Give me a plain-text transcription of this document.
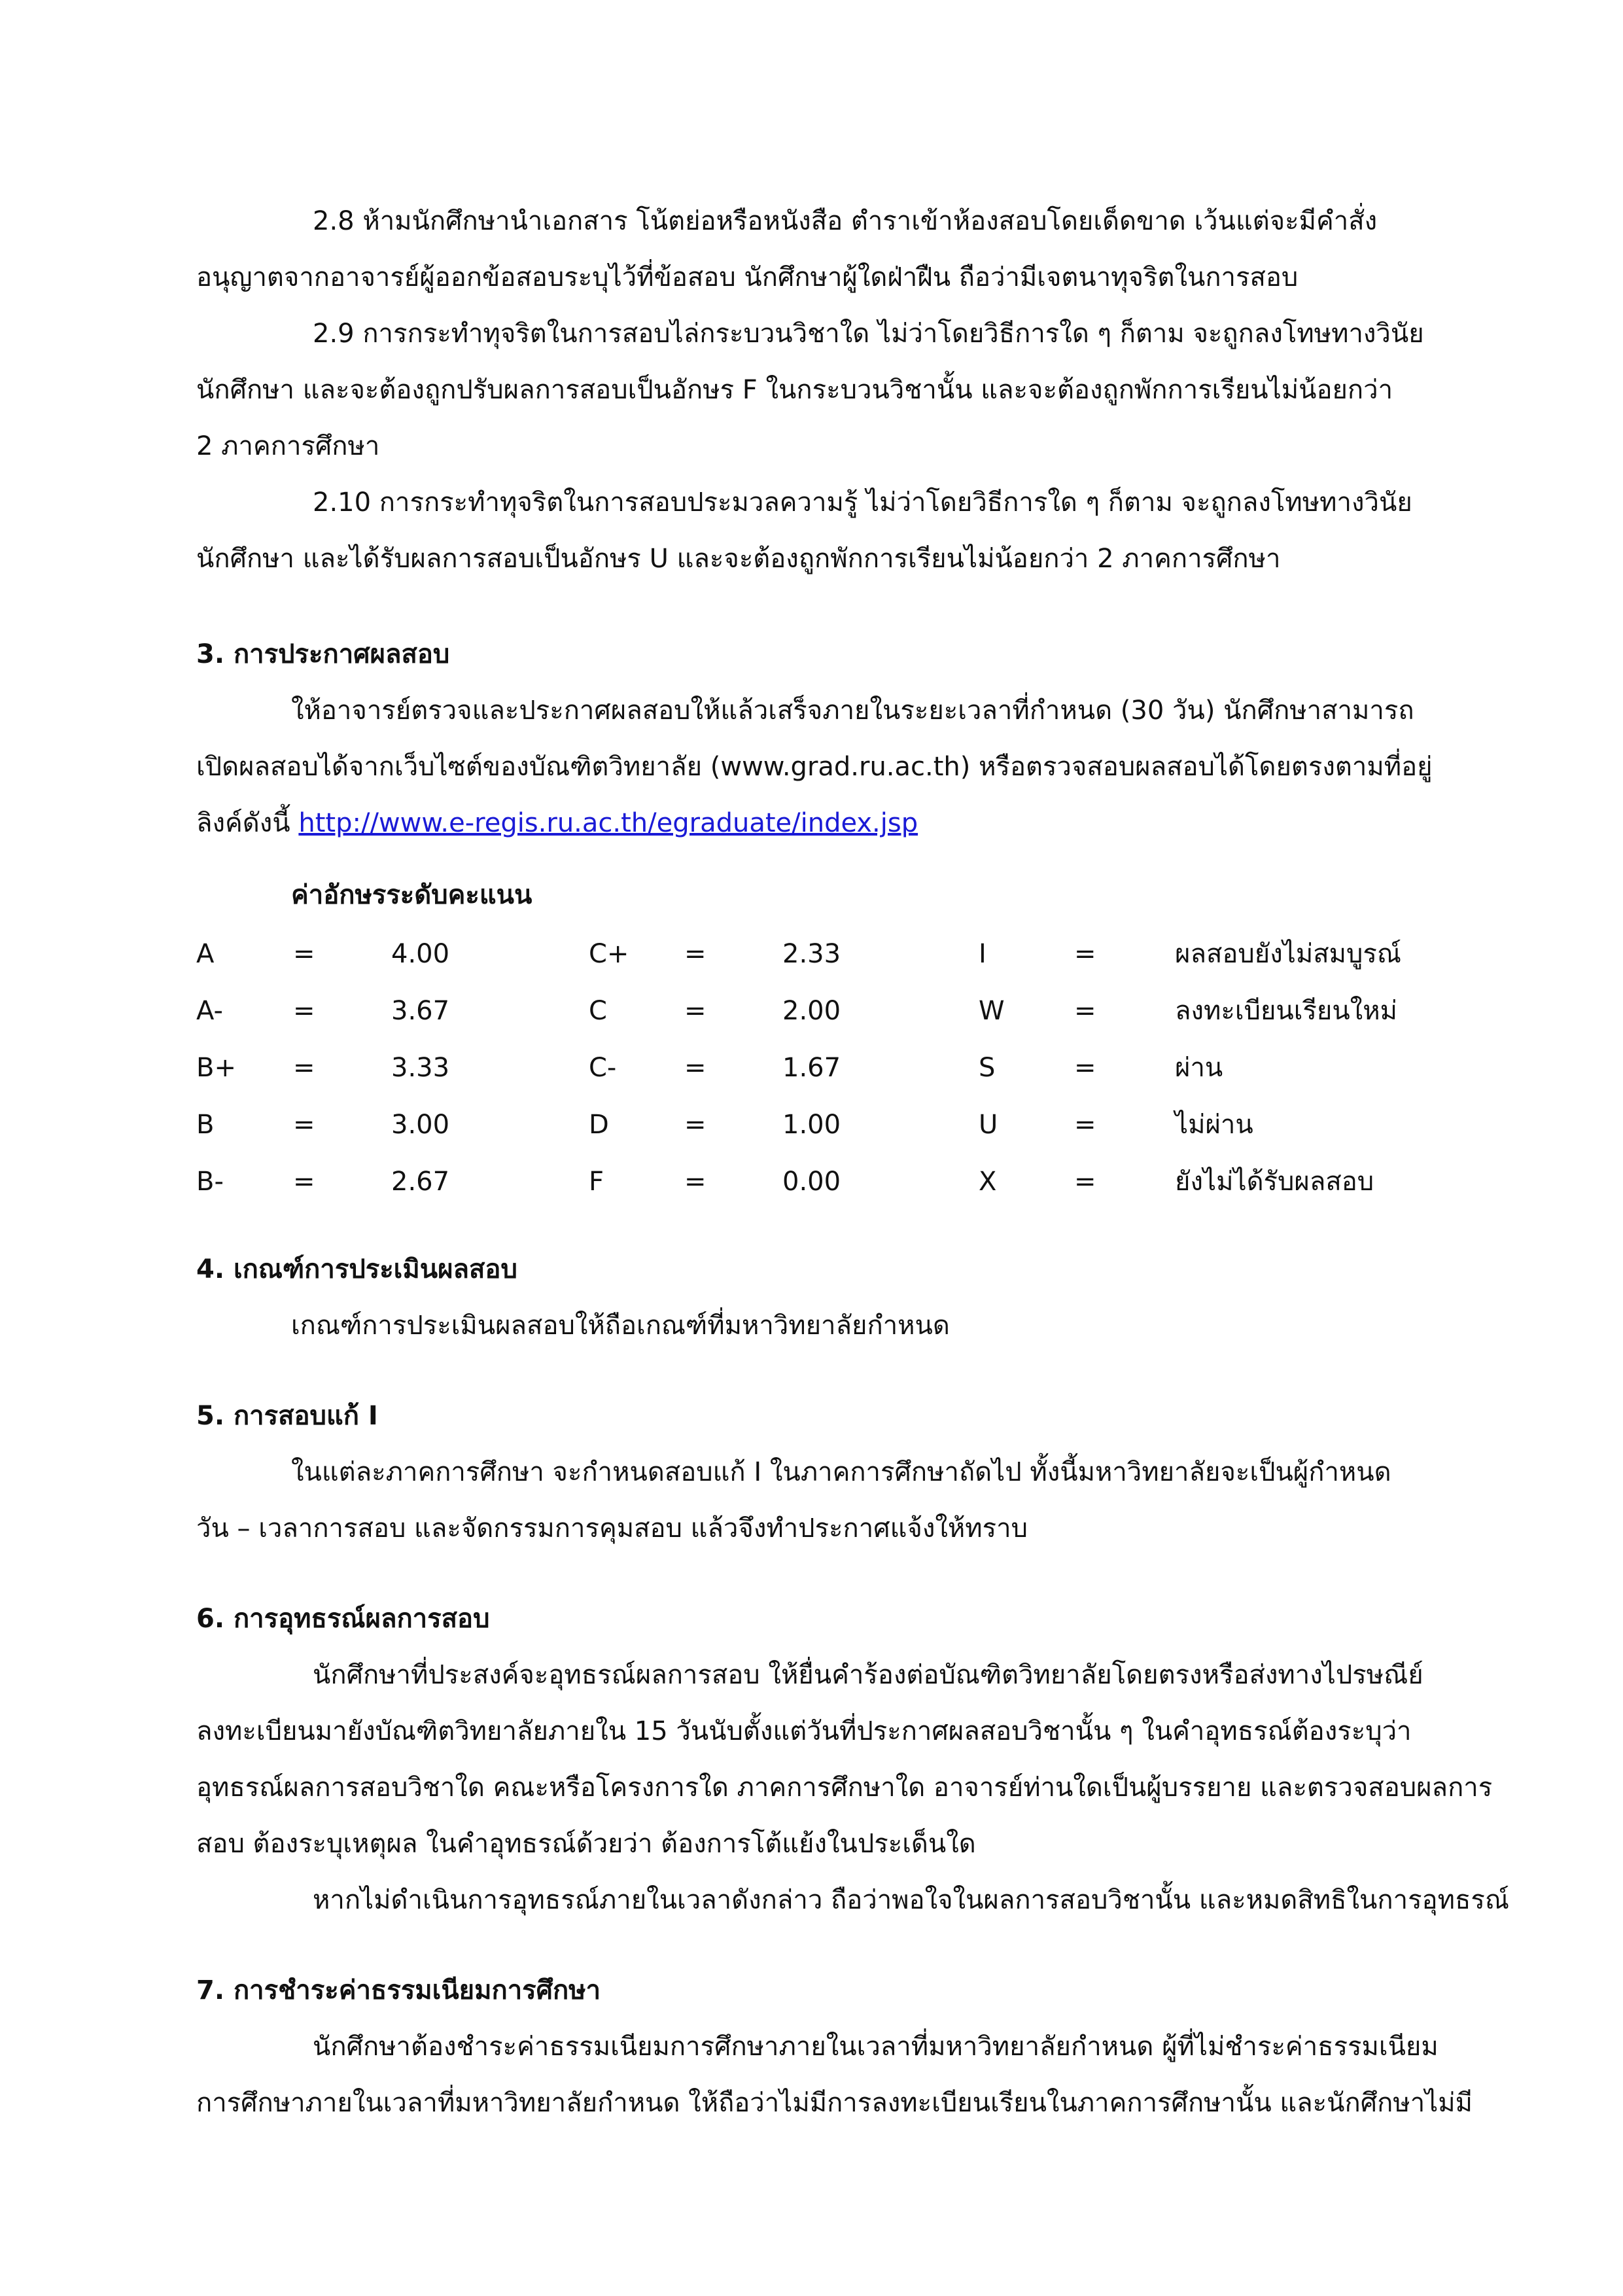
2.8 ห้ามนักศึกษานำเอกสาร โน้ตย่อหรือหนังสือ ตำราเข้าห้องสอบโดยเด็ดขาด เว้นแต่จะมีคำสั่ง
อนุญาตจากอาจารย์ผู้ออกข้อสอบระบุไว้ที่ข้อสอบ นักศึกษาผู้ใดฝ่าฝืน ถือว่ามีเจตนาทุจริตในการสอบ
2.9 การกระทำทุจริตในการสอบไล่กระบวนวิชาใด ไม่ว่าโดยวิธีการใด ๆ ก็ตาม จะถูกลงโทษทางวินัย
นักศึกษา และจะต้องถูกปรับผลการสอบเป็นอักษร F ในกระบวนวิชานั้น และจะต้องถูกพักการเรียนไม่น้อยกว่า
2 ภาคการศึกษา
2.10 การกระทำทุจริตในการสอบประมวลความรู้ ไม่ว่าโดยวิธีการใด ๆ ก็ตาม จะถูกลงโทษทางวินัย
นักศึกษา และได้รับผลการสอบเป็นอักษร U และจะต้องถูกพักการเรียนไม่น้อยกว่า 2 ภาคการศึกษา
3. การประกาศผลสอบ
ให้อาจารย์ตรวจและประกาศผลสอบให้แล้วเสร็จภายในระยะเวลาที่กำหนด (30 วัน) นักศึกษาสามารถ
เปิดผลสอบได้จากเว็บไซต์ของบัณฑิตวิทยาลัย (www.grad.ru.ac.th) หรือตรวจสอบผลสอบได้โดยตรงตามที่อยู่
ลิงค์ดังนี้ http://www.e-regis.ru.ac.th/egraduate/index.jsp
ค่าอักษรระดับคะแนน
A	=	4.00	C+ =	2.33	I	=	ผลสอบยังไม่สมบูรณ์
A-	=	3.67	C	=	2.00	W	=	ลงทะเบียนเรียนใหม่
B+ =	3.33	C-	=	1.67	S	=	ผ่าน
B	=	3.00	D	=	1.00	U	=	ไม่ผ่าน
B-	=	2.67	F	=	0.00	X	=	ยังไม่ได้รับผลสอบ
4. เกณฑ์การประเมินผลสอบ
เกณฑ์การประเมินผลสอบให้ถือเกณฑ์ที่มหาวิทยาลัยกำหนด
5. การสอบแก้ I
ในแต่ละภาคการศึกษา จะกำหนดสอบแก้ I ในภาคการศึกษาถัดไป ทั้งนี้มหาวิทยาลัยจะเป็นผู้กำหนด
วัน – เวลาการสอบ และจัดกรรมการคุมสอบ แล้วจึงทำประกาศแจ้งให้ทราบ
6. การอุทธรณ์ผลการสอบ
นักศึกษาที่ประสงค์จะอุทธรณ์ผลการสอบ ให้ยื่นคำร้องต่อบัณฑิตวิทยาลัยโดยตรงหรือส่งทางไปรษณีย์
ลงทะเบียนมายังบัณฑิตวิทยาลัยภายใน 15 วันนับตั้งแต่วันที่ประกาศผลสอบวิชานั้น ๆ ในคำอุทธรณ์ต้องระบุว่า
อุทธรณ์ผลการสอบวิชาใด คณะหรือโครงการใด ภาคการศึกษาใด อาจารย์ท่านใดเป็นผู้บรรยาย และตรวจสอบผลการ
สอบ ต้องระบุเหตุผล ในคำอุทธรณ์ด้วยว่า ต้องการโต้แย้งในประเด็นใด
หากไม่ดำเนินการอุทธรณ์ภายในเวลาดังกล่าว ถือว่าพอใจในผลการสอบวิชานั้น และหมดสิทธิในการอุทธรณ์
7. การชำระค่าธรรมเนียมการศึกษา
นักศึกษาต้องชำระค่าธรรมเนียมการศึกษาภายในเวลาที่มหาวิทยาลัยกำหนด ผู้ที่ไม่ชำระค่าธรรมเนียม
การศึกษาภายในเวลาที่มหาวิทยาลัยกำหนด ให้ถือว่าไม่มีการลงทะเบียนเรียนในภาคการศึกษานั้น และนักศึกษาไม่มี
